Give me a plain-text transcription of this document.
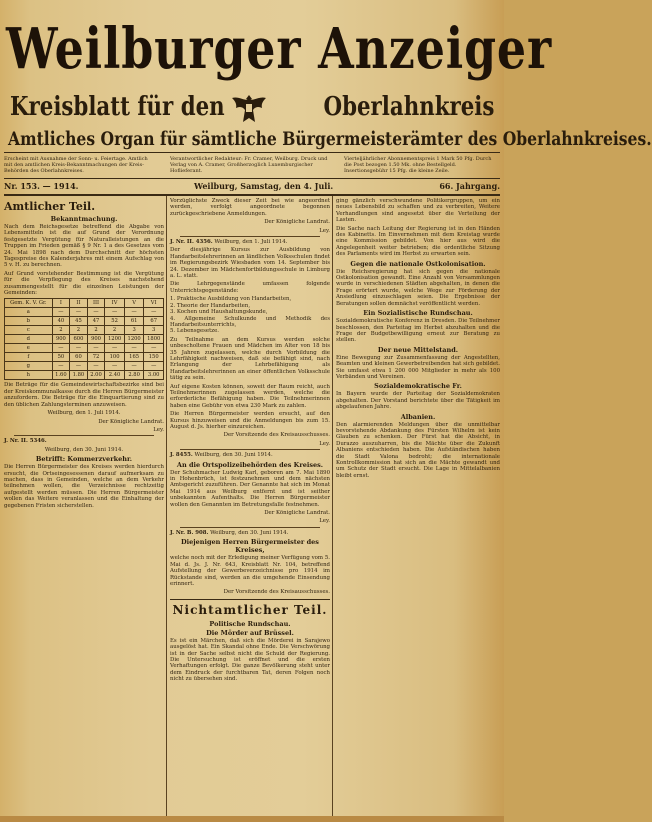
Weilburger Anzeiger
Kreisblatt für den	Oberlahnkreis
Amtliches Organ für sämtliche Bürgermeisterämter des Oberlahnkreises.
Erscheint mit Ausnahme der Sonn- u. Feiertage. Amtlich mit den amtlichen Kreis-Bekanntmachungen der Kreis-Behörden des Oberlahnkreises.
Verantwortlicher Redakteur: Fr. Cramer, Weilburg. Druck und Verlag von A. Cramer, Großherzoglich Luxemburgischer Hoflieferant.
Vierteljährlicher Abonnementspreis 1 Mark 50 Pfg. Durch die Post bezogen 1.50 Mk. ohne Bestellgeld. Insertionsgebühr 15 Pfg. die kleine Zeile.
Nr. 153. — 1914.	Weilburg, Samstag, den 4. Juli.	66. Jahrgang.
Amtlicher Teil.
Bekanntmachung.
Nach dem Reichsgesetze betreffend die Abgabe von Lebensmitteln ist die auf Grund der Verordnung festgesetzte Vergütung für Naturalleistungen an die Truppen im Frieden gemäß § 9 Nr. 1 a des Gesetzes vom 24. Mai 1898 nach dem Durchschnitt der höchsten Tagespreise des Kalenderjahres mit einem Aufschlag von 5 v. H. zu berechnen.
Auf Grund vorstehender Bestimmung ist die Vergütung für die Verpflegung des Kreises nachstehend zusammengestellt für die einzelnen Leistungen der Gemeinden:
Gem. K. V. Gr.	I	II	III	IV	V	VI
a	—	—	—	—	—	—
b	40	45	47	52	61	67
c	2	2	2	2	3	3
d	900	600	900	1200	1200	1800
e	—	—	—	—	—	—
f	50	60	72	100	165	150
g	—	—	—	—	—	—
h	1.60	1.80	2.00	2.40	2.80	3.00
Die Beträge für die Gemeindewirtschaftsbezirke sind bei der Kreiskommunalkasse durch die Herren Bürgermeister anzufordern. Die Beträge für die Einquartierung sind zu den üblichen Zahlungsterminen anzuweisen.
Weilburg, den 1. Juli 1914.
Der Königliche Landrat.
Ley.
J. Nr. II. 5346.
Weilburg, den 30. Juni 1914.
Betrifft: Kommerzverkehr.
Die Herren Bürgermeister des Kreises werden hierdurch ersucht, die Ortseingesessenen darauf aufmerksam zu machen, dass in Gemeinden, welche an dem Verkehr teilnehmen wollen, die Verzeichnisse rechtzeitig aufgestellt werden müssen. Die Herren Bürgermeister wollen das Weitere veranlassen und die Einhaltung der gegebenen Fristen sicherstellen.
Vorzüglichste Zweck dieser Zeit bei wie angeordnet werden, verfolgt angeordnete begonnen zurückgeschriebene Anmeldungen.
Der Königliche Landrat.
Ley.
J. Nr. II. 4356. Weilburg, den 1. Juli 1914.
Der diesjährige Kursus zur Ausbildung von Handarbeitslehrerinnen an ländlichen Volksschulen findet im Regierungsbezirk Wiesbaden vom 14. September bis 24. Dezember im Mädchenfortbildungsschule in Limburg a. L. statt.
Die Lehrgegenstände umfassen folgende Unterrichtsgegenstände:
1. Praktische Ausbildung von Handarbeiten,
2. Theorie der Handarbeiten,
3. Kochen und Haushaltungskunde,
4. Allgemeine Schulkunde und Methodik des Handarbeitsunterrichts,
5. Lebensgesetze.
Zu Teilnahme an dem Kursus werden solche unbescholtene Frauen und Mädchen im Alter von 18 bis 35 Jahren zugelassen, welche durch Vorbildung die Lehrfähigkeit nachweisen, daß sie befähigt sind, nach Erlangung der Lehrbefähigung als Handarbeitslehrerinnen an einer öffentlichen Volksschule tätig zu sein.
Auf eigene Kosten können, soweit der Raum reicht, auch Teilnehmerinnen zugelassen werden, welche die erforderliche Befähigung haben. Die Teilnehmerinnen haben eine Gebühr von etwa 230 Mark zu zahlen.
Die Herren Bürgermeister werden ersucht, auf den Kursus hinzuweisen und die Anmeldungen bis zum 15. August d. Js. hierher einzureichen.
Der Vorsitzende des Kreisausschusses.
Ley.
J. 8455. Weilburg, den 30. Juni 1914.
An die Ortspolizeibehörden des Kreises.
Der Schuhmacher Ludwig Karl, geboren am 7. Mai 1890 in Hohenbrüch, ist festzunehmen und dem nächsten Amtsgericht zuzuführen. Der Genannte hat sich im Monat Mai 1914 aus Weilburg entfernt und ist seither unbekannten Aufenthalts. Die Herren Bürgermeister wollen den Genannten im Betretungsfalle festnehmen.
Der Königliche Landrat.
Ley.
J. Nr. B. 908. Weilburg, den 30. Juni 1914.
Diejenigen Herren Bürgermeister des Kreises,
welche noch mit der Erledigung meiner Verfügung vom 5. Mai d. Js. J. Nr. 643, Kreisblatt Nr. 104, betreffend Aufstellung der Gewerbeverzeichnisse pro 1914 im Rückstande sind, werden an die umgehende Einsendung erinnert.
Der Vorsitzende des Kreisausschusses.
Nichtamtlicher Teil.
Politische Rundschau.
Die Mörder auf Brüssel.
Es ist ein Märchen, daß sich die Mörderei in Sarajewo ausgelöst hat. Ein Skandal ohne Ende. Die Verschwörung ist in der Sache selbst nicht die Schuld der Regierung. Die Untersuchung ist eröffnet und die ersten Verhaftungen erfolgt. Die ganze Bevölkerung steht unter dem Eindruck der furchtbaren Tat, deren Folgen noch nicht zu übersehen sind.
ging gänzlich verschwundene Politikergruppen, um ein neues Lebensbild zu schaffen und zu verbreiten, Weitere Verhandlungen sind angesetzt über die Verteilung der Lasten.
Die Sache nach Leitung der Regierung ist in den Händen des Kabinetts. Im Einvernehmen mit dem Kreistag wurde eine Kommission gebildet. Von hier aus wird die Angelegenheit weiter betrieben; die ordentliche Sitzung des Parlaments wird im Herbst zu erwarten sein.
Gegen die nationale Ostkolonisation.
Die Reichsregierung hat sich gegen die nationale Ostkolonisation gewandt. Eine Anzahl von Versammlungen wurde in verschiedenen Städten abgehalten, in denen die Frage erörtert wurde, welche Wege zur Förderung der Ansiedlung einzuschlagen seien. Die Ergebnisse der Beratungen sollen demnächst veröffentlicht werden.
Ein Sozialistische Rundschau.
Sozialdemokratische Konferenz in Dresden. Die Teilnehmer beschlossen, den Parteitag im Herbst abzuhalten und die Frage der Budgetbewilligung erneut zur Beratung zu stellen.
Der neue Mittelstand.
Eine Bewegung zur Zusammenfassung der Angestellten, Beamten und kleinen Gewerbetreibenden hat sich gebildet. Sie umfasst etwa 1 200 000 Mitglieder in mehr als 100 Verbänden und Vereinen.
Sozialdemokratische Fr.
In Bayern wurde der Parteitag der Sozialdemokraten abgehalten. Der Vorstand berichtete über die Tätigkeit im abgelaufenen Jahre.
Albanien.
Den alarmierenden Meldungen über die unmittelbar bevorstehende Abdankung des Fürsten Wilhelm ist kein Glauben zu schenken. Der Fürst hat die Absicht, in Durazzo auszuharren, bis die Mächte über die Zukunft Albaniens entschieden haben. Die Aufständischen haben die Stadt Valona bedroht; die internationale Kontrollkommission hat sich an die Mächte gewandt und um Schutz der Stadt ersucht. Die Lage in Mittelalbanien bleibt ernst.
